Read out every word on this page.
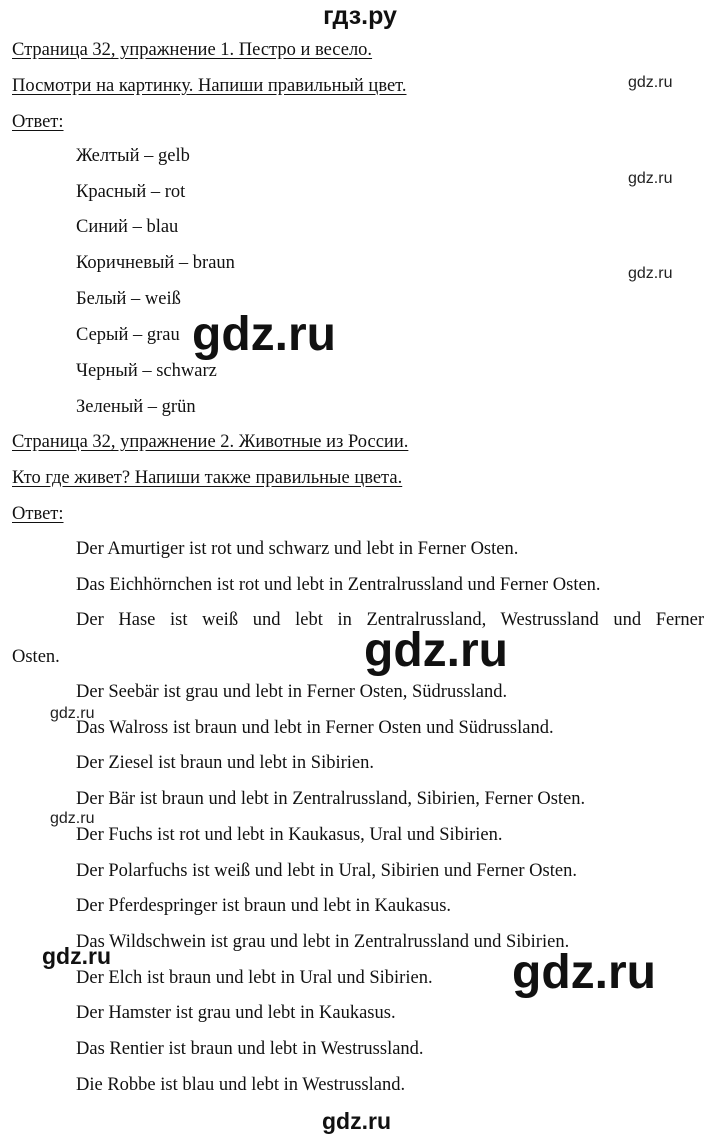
гдз.ру
Страница 32, упражнение 1. Пестро и весело.
Посмотри на картинку. Напиши правильный цвет.
Ответ:
Желтый – gelb
Красный – rot
Синий – blau
Коричневый – braun
Белый – weiß
Серый – grau
Черный – schwarz
Зеленый – grün
Страница 32, упражнение 2. Животные из России.
Кто где живет? Напиши также правильные цвета.
Ответ:
Der Amurtiger ist rot und schwarz und lebt in Ferner Osten.
Das Eichhörnchen ist rot und lebt in Zentralrussland und Ferner Osten.
Der Hase ist weiß und lebt in Zentralrussland, Westrussland und Ferner
Osten.
Der Seebär ist grau und lebt in Ferner Osten, Südrussland.
Das Walross ist braun und lebt in Ferner Osten und Südrussland.
Der Ziesel ist braun und lebt in Sibirien.
Der Bär ist braun und lebt in Zentralrussland, Sibirien, Ferner Osten.
Der Fuchs ist rot und lebt in Kaukasus, Ural und Sibirien.
Der Polarfuchs ist weiß und lebt in Ural, Sibirien und Ferner Osten.
Der Pferdespringer ist braun und lebt in Kaukasus.
Das Wildschwein ist grau und lebt in Zentralrussland und Sibirien.
Der Elch ist braun und lebt in Ural und Sibirien.
Der Hamster ist grau und lebt in Kaukasus.
Das Rentier ist braun und lebt in Westrussland.
Die Robbe ist blau und lebt in Westrussland.
gdz.ru
gdz.ru
gdz.ru
gdz.ru
gdz.ru
gdz.ru
gdz.ru
gdz.ru
gdz.ru
gdz.ru
